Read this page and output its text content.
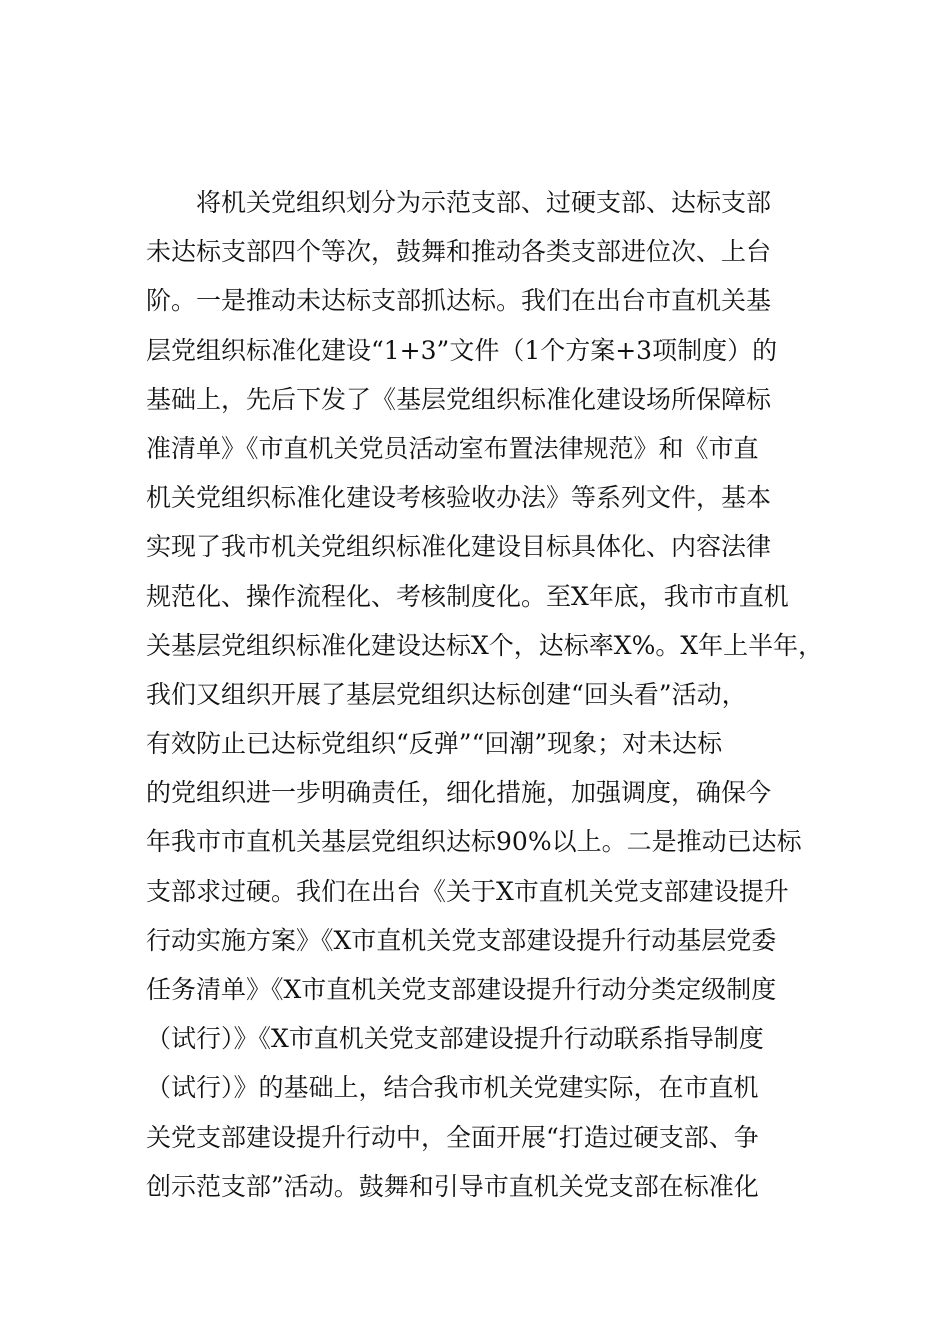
将机关党组织划分为示范支部、过硬支部、达标支部
未达标支部四个等次，鼓舞和推动各类支部进位次、上台
阶。一是推动未达标支部抓达标。我们在出台市直机关基
层党组织标准化建设“1+3”文件（1个方案+3项制度）的
基础上，先后下发了《基层党组织标准化建设场所保障标
准清单》《市直机关党员活动室布置法律规范》和《市直
机关党组织标准化建设考核验收办法》等系列文件，基本
实现了我市机关党组织标准化建设目标具体化、内容法律
规范化、操作流程化、考核制度化。至X年底，我市市直机
关基层党组织标准化建设达标X个，达标率X%。X年上半年，
我们又组织开展了基层党组织达标创建“回头看”活动，
有效防止已达标党组织“反弹”“回潮”现象；对未达标
的党组织进一步明确责任，细化措施，加强调度，确保今
年我市市直机关基层党组织达标90%以上。二是推动已达标
支部求过硬。我们在出台《关于X市直机关党支部建设提升
行动实施方案》《X市直机关党支部建设提升行动基层党委
任务清单》《X市直机关党支部建设提升行动分类定级制度
（试行）》《X市直机关党支部建设提升行动联系指导制度
（试行）》的基础上，结合我市机关党建实际，在市直机
关党支部建设提升行动中，全面开展“打造过硬支部、争
创示范支部”活动。鼓舞和引导市直机关党支部在标准化
